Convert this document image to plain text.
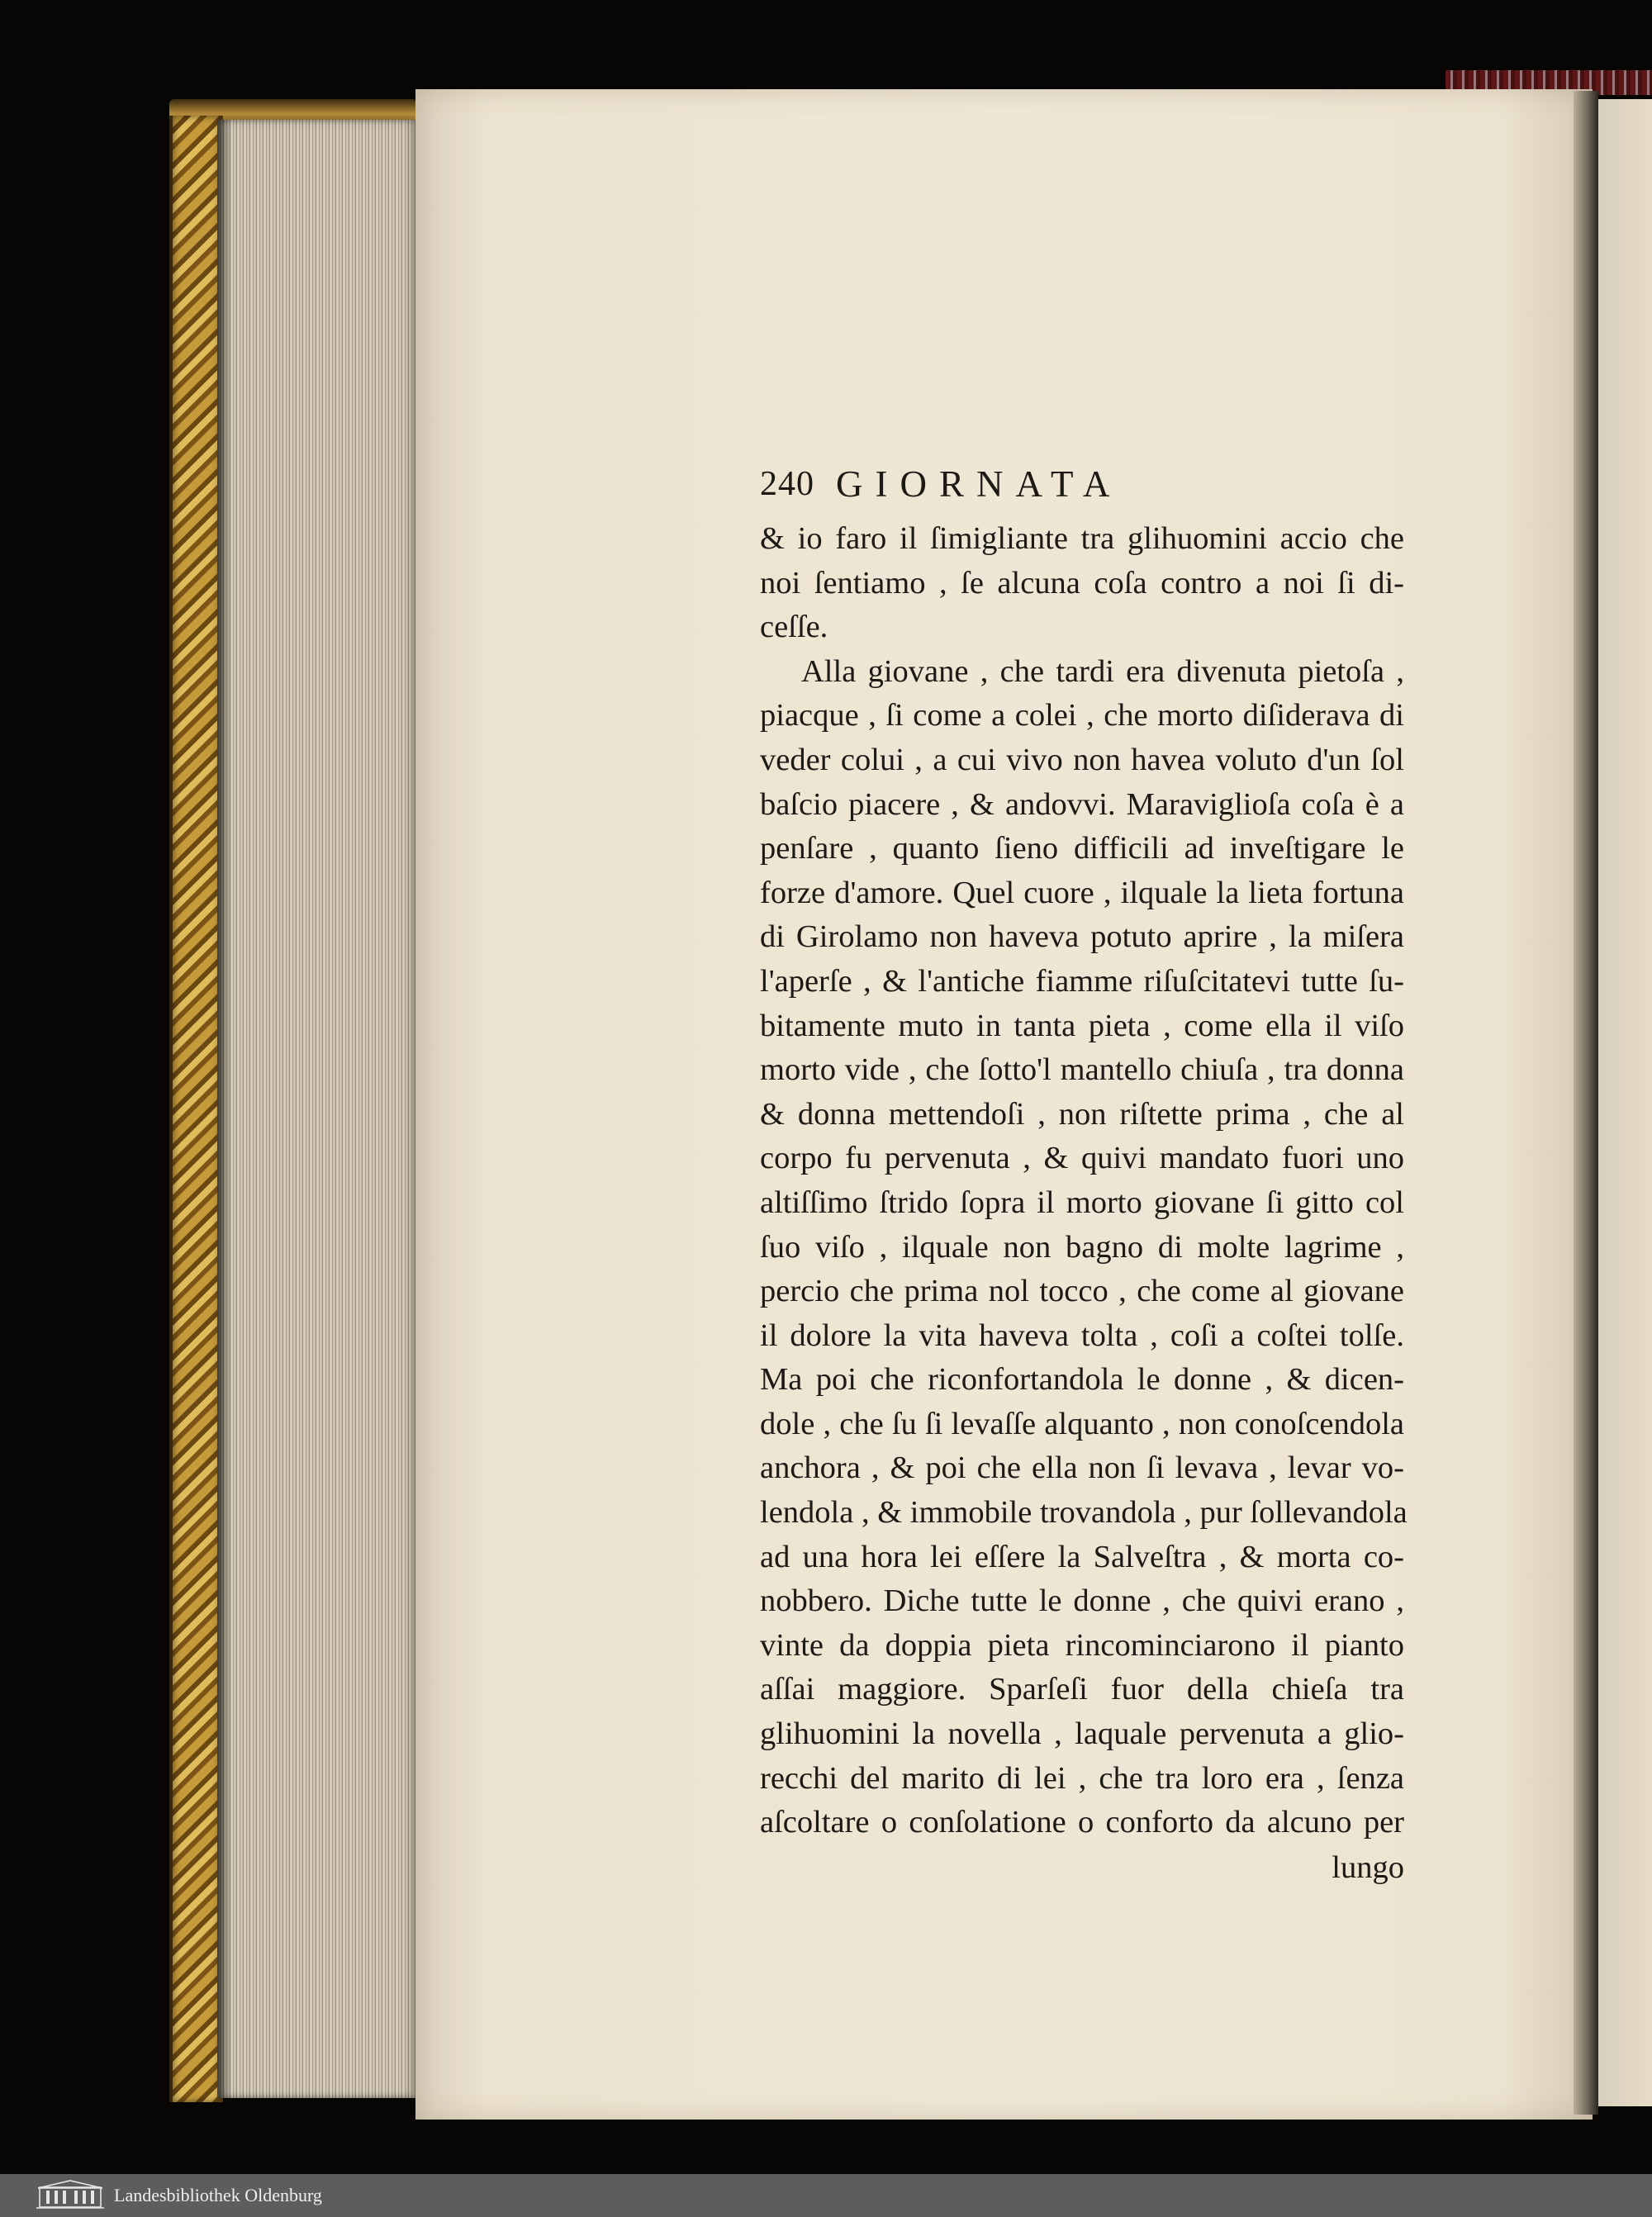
240 GIORNATA
& io faro il ſimigliante tra glihuomini accio che
noi ſentiamo , ſe alcuna coſa contro a noi ſi di-
ceſſe.
Alla giovane , che tardi era divenuta pietoſa ,
piacque , ſi come a colei , che morto diſiderava di
veder colui , a cui vivo non havea voluto d'un ſol
baſcio piacere , & andovvi. Maraviglioſa coſa è a
penſare , quanto ſieno difficili ad inveſtigare le
forze d'amore. Quel cuore , ilquale la lieta fortuna
di Girolamo non haveva potuto aprire , la miſera
l'aperſe , & l'antiche fiamme riſuſcitatevi tutte ſu-
bitamente muto in tanta pieta , come ella il viſo
morto vide , che ſotto'l mantello chiuſa , tra donna
& donna mettendoſi , non riſtette prima , che al
corpo fu pervenuta , & quivi mandato fuori uno
altiſſimo ſtrido ſopra il morto giovane ſi gitto col
ſuo viſo , ilquale non bagno di molte lagrime ,
percio che prima nol tocco , che come al giovane
il dolore la vita haveva tolta , coſi a coſtei tolſe.
Ma poi che riconfortandola le donne , & dicen-
dole , che ſu ſi levaſſe alquanto , non conoſcendola
anchora , & poi che ella non ſi levava , levar vo-
lendola , & immobile trovandola , pur ſollevandola
ad una hora lei eſſere la Salveſtra , & morta co-
nobbero. Diche tutte le donne , che quivi erano ,
vinte da doppia pieta rincominciarono il pianto
aſſai maggiore. Sparſeſi fuor della chieſa tra
glihuomini la novella , laquale pervenuta a glio-
recchi del marito di lei , che tra loro era , ſenza
aſcoltare o conſolatione o conforto da alcuno per
lungo
Landesbibliothek Oldenburg
